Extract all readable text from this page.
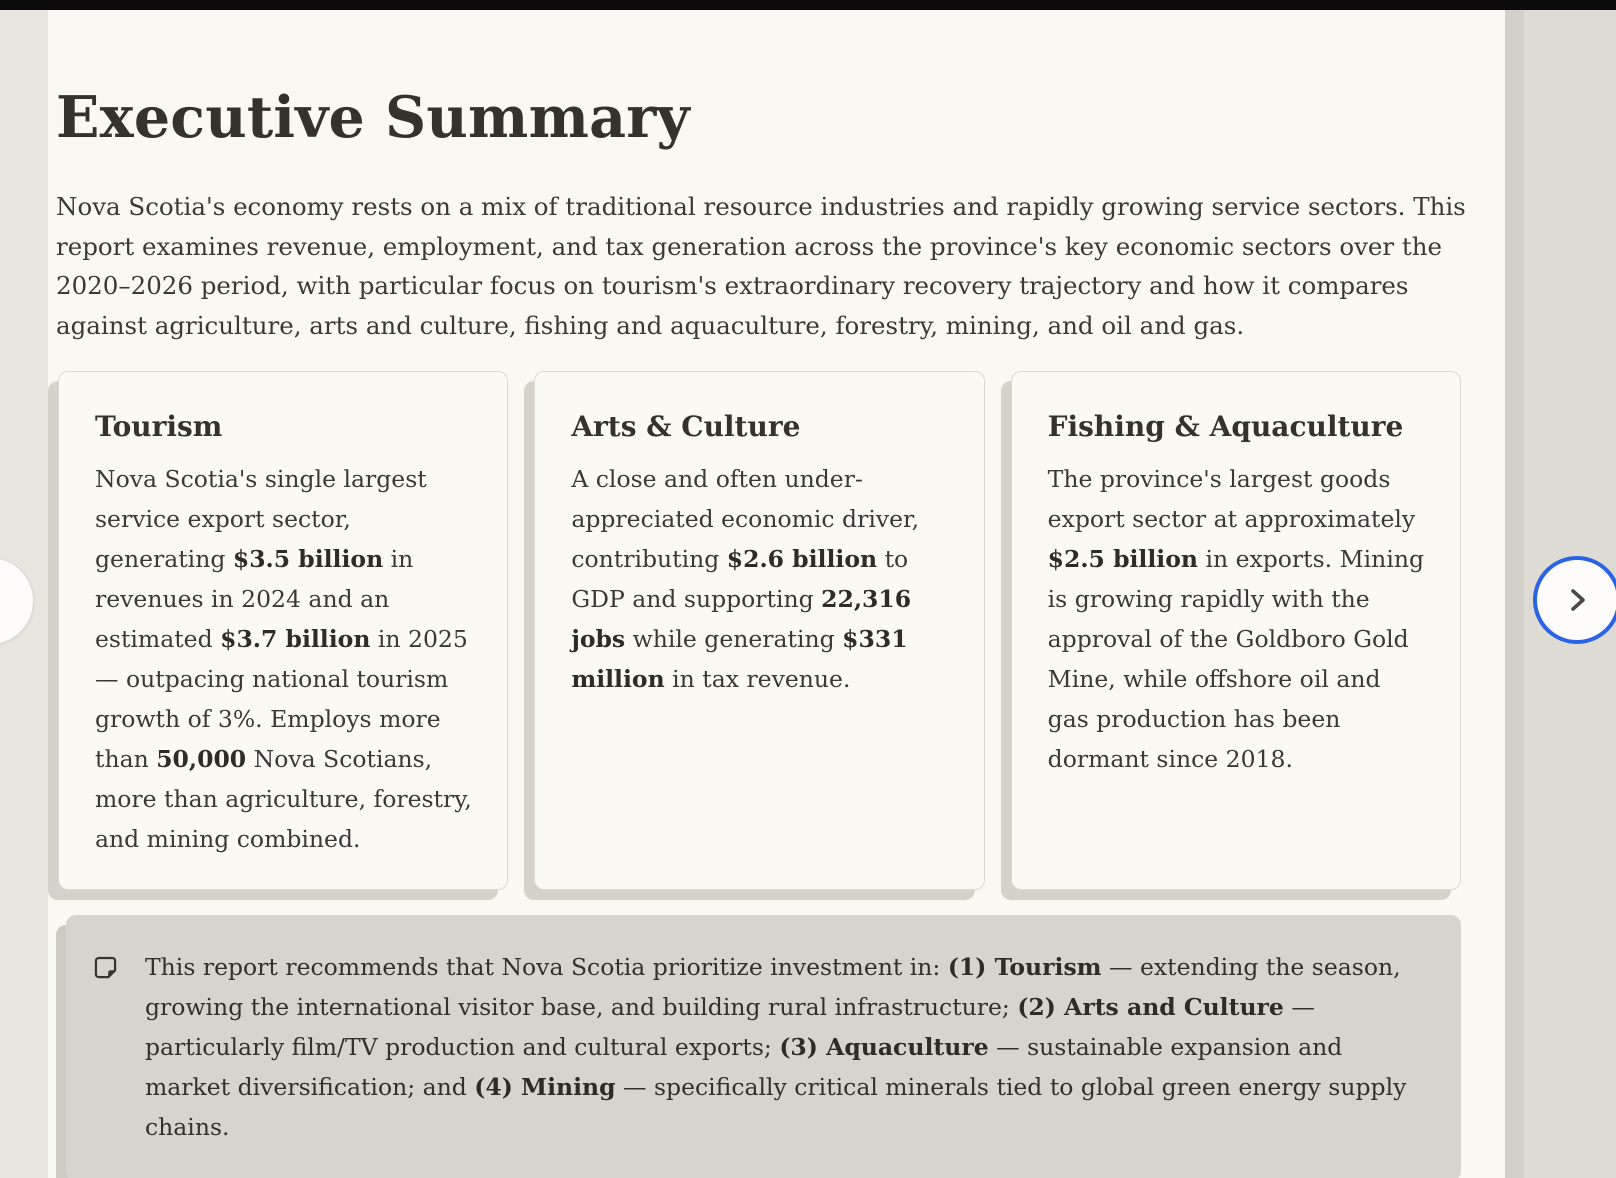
Executive Summary

Nova Scotia's economy rests on a mix of traditional resource industries and rapidly growing service sectors. This report examines revenue, employment, and tax generation across the province's key economic sectors over the 2020–2026 period, with particular focus on tourism's extraordinary recovery trajectory and how it compares against agriculture, arts and culture, fishing and aquaculture, forestry, mining, and oil and gas.

Tourism

Nova Scotia's single largest service export sector, generating $3.5 billion in revenues in 2024 and an estimated $3.7 billion in 2025 — outpacing national tourism growth of 3%. Employs more than 50,000 Nova Scotians, more than agriculture, forestry, and mining combined.

Arts & Culture

A close and often under-appreciated economic driver, contributing $2.6 billion to GDP and supporting 22,316 jobs while generating $331 million in tax revenue.

Fishing & Aquaculture

The province's largest goods export sector at approximately $2.5 billion in exports. Mining is growing rapidly with the approval of the Goldboro Gold Mine, while offshore oil and gas production has been dormant since 2018.

This report recommends that Nova Scotia prioritize investment in: (1) Tourism — extending the season, growing the international visitor base, and building rural infrastructure; (2) Arts and Culture — particularly film/TV production and cultural exports; (3) Aquaculture — sustainable expansion and market diversification; and (4) Mining — specifically critical minerals tied to global green energy supply chains.
